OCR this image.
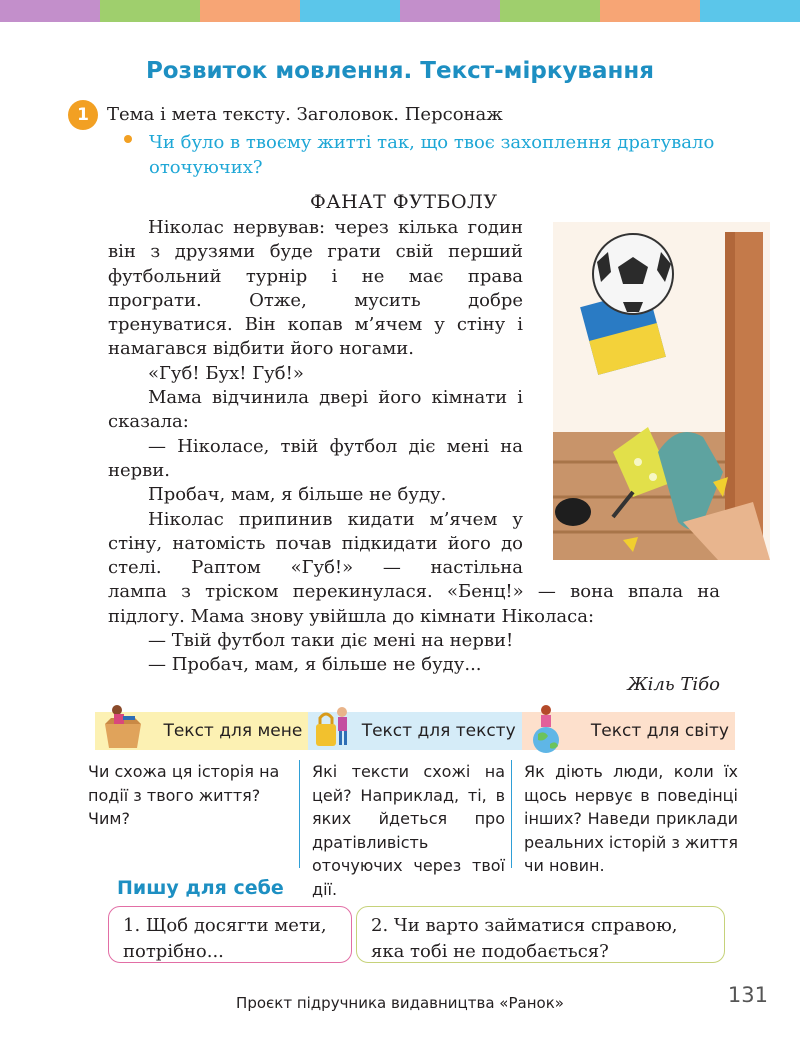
Розвиток мовлення. Текст-міркування
1	Тема і мета тексту. Заголовок. Персонаж
Чи було в твоєму житті так, що твоє захоплення дратувало оточуючих?
ФАНАТ ФУТБОЛУ

Ніколас нервував: через кілька годин він з друзями буде грати свій перший футбольний турнір і не має права програти. Отже, мусить добре тренуватися. Він копав м’ячем у стіну і намагався відбити його ногами.

«Губ! Бух! Губ!»

Мама відчинила двері його кімнати і сказала:

— Ніколасе, твій футбол діє мені на нерви.

Пробач, мам, я більше не буду.

Ніколас припинив кидати м’ячем у стіну, натомість почав підкидати його до стелі. Раптом «Губ!» — настільна

лампа з тріском перекинулася. «Бенц!» — вона впала на підлогу. Мама знову увійшла до кімнати Ніколаса:

— Твій футбол таки діє мені на нерви!

— Пробач, мам, я більше не буду...

Жіль Тібо
Текст для мене	Текст для тексту	Текст для світу
Чи схожа ця історія на події з твого життя? Чим?
Які тексти схожі на цей? Наприклад, ті, в яких йдеться про дратівливість оточуючих через твої дії.
Як діють люди, коли їх щось нервує в поведінці інших? Наведи приклади реальних історій з життя чи новин.
Пишу для себе
1. Щоб досягти мети, потрібно...
2. Чи варто займатися справою, яка тобі не подобається?
Проєкт підручника видавництва «Ранок»	131
